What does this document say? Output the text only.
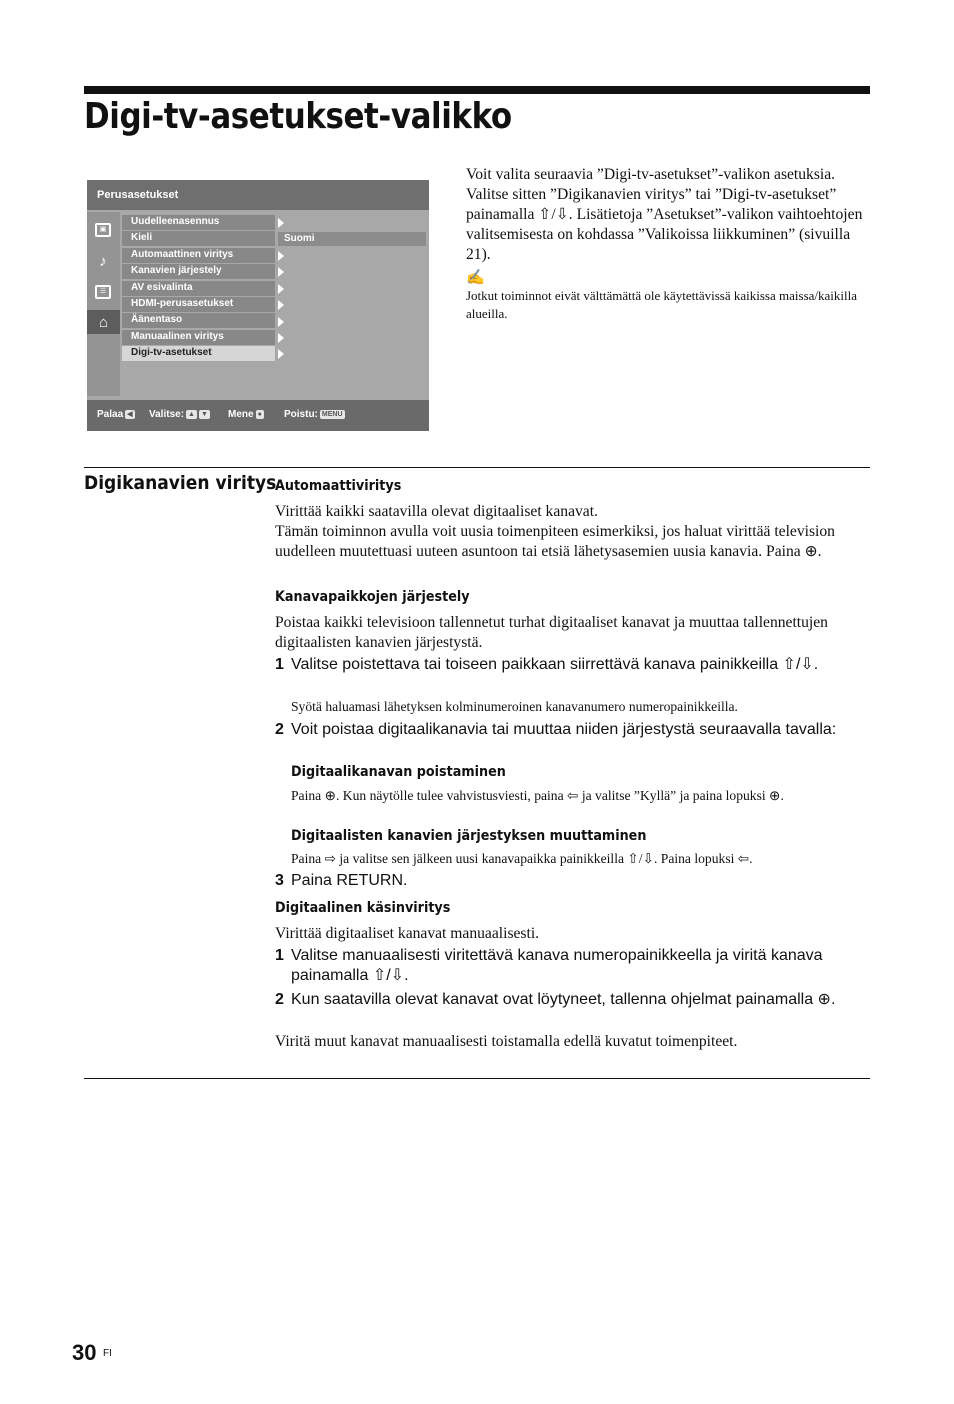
Digi-tv-asetukset-valikko
Perusasetukset
▣
♪
☰
⌂
Uudelleenasennus
Kieli	Suomi
Automaattinen viritys
Kanavien järjestely
AV esivalinta
HDMI-perusasetukset
Äänentaso
Manuaalinen viritys
Digi-tv-asetukset
Palaa ◀ Valitse: ▲ ▼ Mene ● Poistu: MENU

Voit valita seuraavia ”Digi-tv-asetukset”-valikon asetuksia. Valitse sitten ”Digikanavien viritys” tai ”Digi-tv-asetukset” painamalla ⇧/⇩. Lisätietoja ”Asetukset”-valikon vaihtoehtojen valitsemisesta on kohdassa ”Valikoissa liikkuminen” (sivuilla 21).

✍

Jotkut toiminnot eivät välttämättä ole käytettävissä kaikissa maissa/kaikilla alueilla.

Digikanavien viritys
Automaattiviritys

Virittää kaikki saatavilla olevat digitaaliset kanavat.

Tämän toiminnon avulla voit uusia toimenpiteen esimerkiksi, jos haluat virittää television uudelleen muutettuasi uuteen asuntoon tai etsiä lähetysasemien uusia kanavia. Paina ⊕.

Kanavapaikkojen järjestely

Poistaa kaikki televisioon tallennetut turhat digitaaliset kanavat ja muuttaa tallennettujen digitaalisten kanavien järjestystä.

1 Valitse poistettava tai toiseen paikkaan siirrettävä kanava painikkeilla ⇧/⇩.

Syötä haluamasi lähetyksen kolminumeroinen kanavanumero numeropainikkeilla.

2 Voit poistaa digitaalikanavia tai muuttaa niiden järjestystä seuraavalla tavalla:
Digitaalikanavan poistaminen

Paina ⊕. Kun näytölle tulee vahvistusviesti, paina ⇦ ja valitse ”Kyllä” ja paina lopuksi ⊕.

Digitaalisten kanavien järjestyksen muuttaminen

Paina ⇨ ja valitse sen jälkeen uusi kanavapaikka painikkeilla ⇧/⇩. Paina lopuksi ⇦.

3 Paina RETURN.
Digitaalinen käsinviritys

Virittää digitaaliset kanavat manuaalisesti.

1 Valitse manuaalisesti viritettävä kanava numeropainikkeella ja viritä kanava painamalla ⇧/⇩.
2 Kun saatavilla olevat kanavat ovat löytyneet, tallenna ohjelmat painamalla ⊕.

Viritä muut kanavat manuaalisesti toistamalla edellä kuvatut toimenpiteet.

30 FI
